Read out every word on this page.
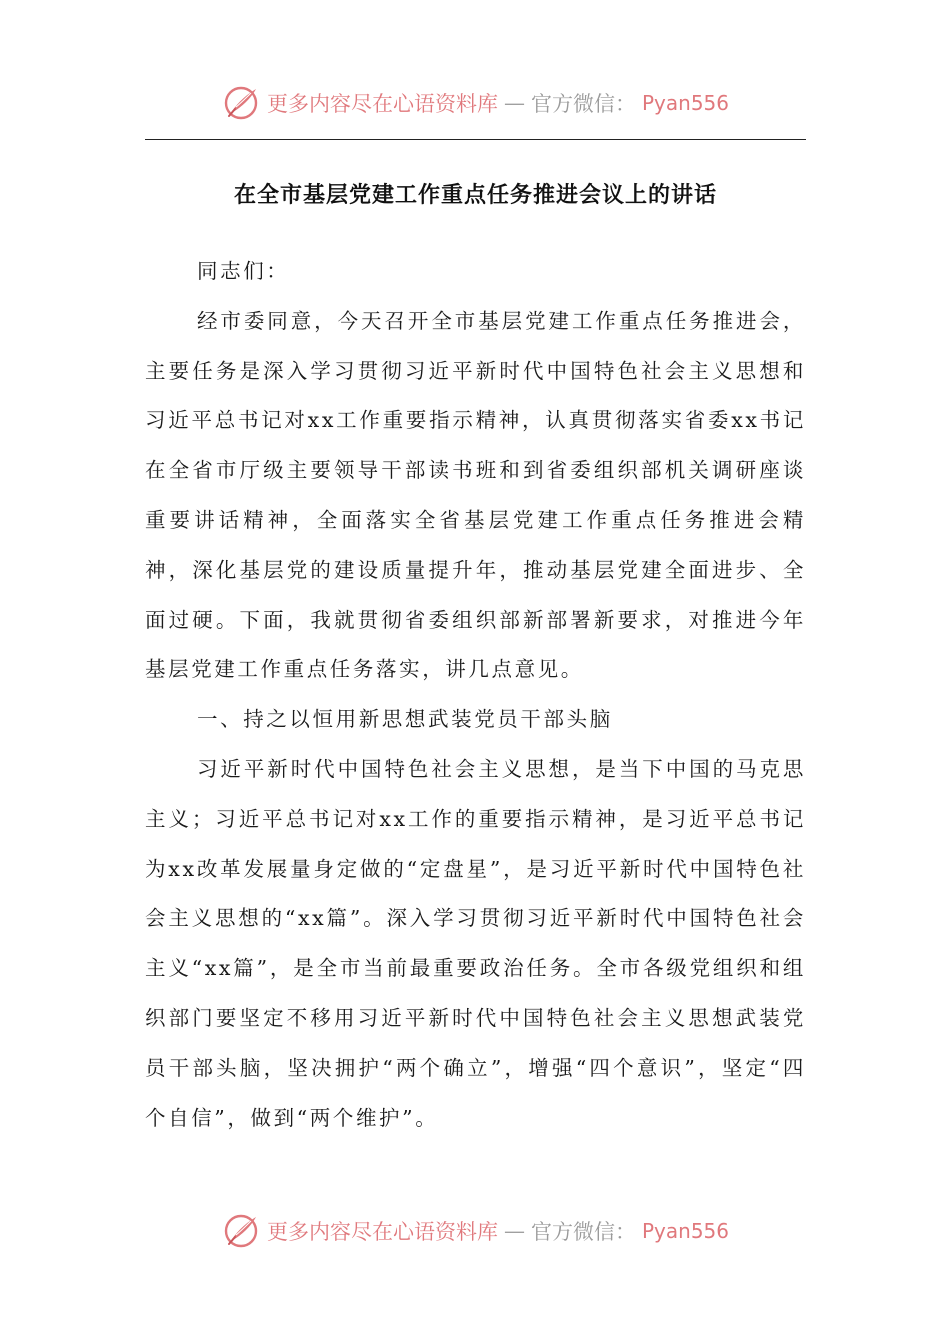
更多内容尽在心语资料库 — 官方微信： Pyan556
在全市基层党建工作重点任务推进会议上的讲话

同志们：

经市委同意，今天召开全市基层党建工作重点任务推进会，主要任务是深入学习贯彻习近平新时代中国特色社会主义思想和习近平总书记对xx工作重要指示精神，认真贯彻落实省委xx书记在全省市厅级主要领导干部读书班和到省委组织部机关调研座谈重要讲话精神，全面落实全省基层党建工作重点任务推进会精神，深化基层党的建设质量提升年，推动基层党建全面进步、全面过硬。下面，我就贯彻省委组织部新部署新要求，对推进今年基层党建工作重点任务落实，讲几点意见。

一、持之以恒用新思想武装党员干部头脑

习近平新时代中国特色社会主义思想，是当下中国的马克思主义；习近平总书记对xx工作的重要指示精神，是习近平总书记为xx改革发展量身定做的“定盘星”，是习近平新时代中国特色社会主义思想的“xx篇”。深入学习贯彻习近平新时代中国特色社会主义“xx篇”，是全市当前最重要政治任务。全市各级党组织和组织部门要坚定不移用习近平新时代中国特色社会主义思想武装党员干部头脑，坚决拥护“两个确立”，增强“四个意识”，坚定“四个自信”，做到“两个维护”。

更多内容尽在心语资料库 — 官方微信： Pyan556
